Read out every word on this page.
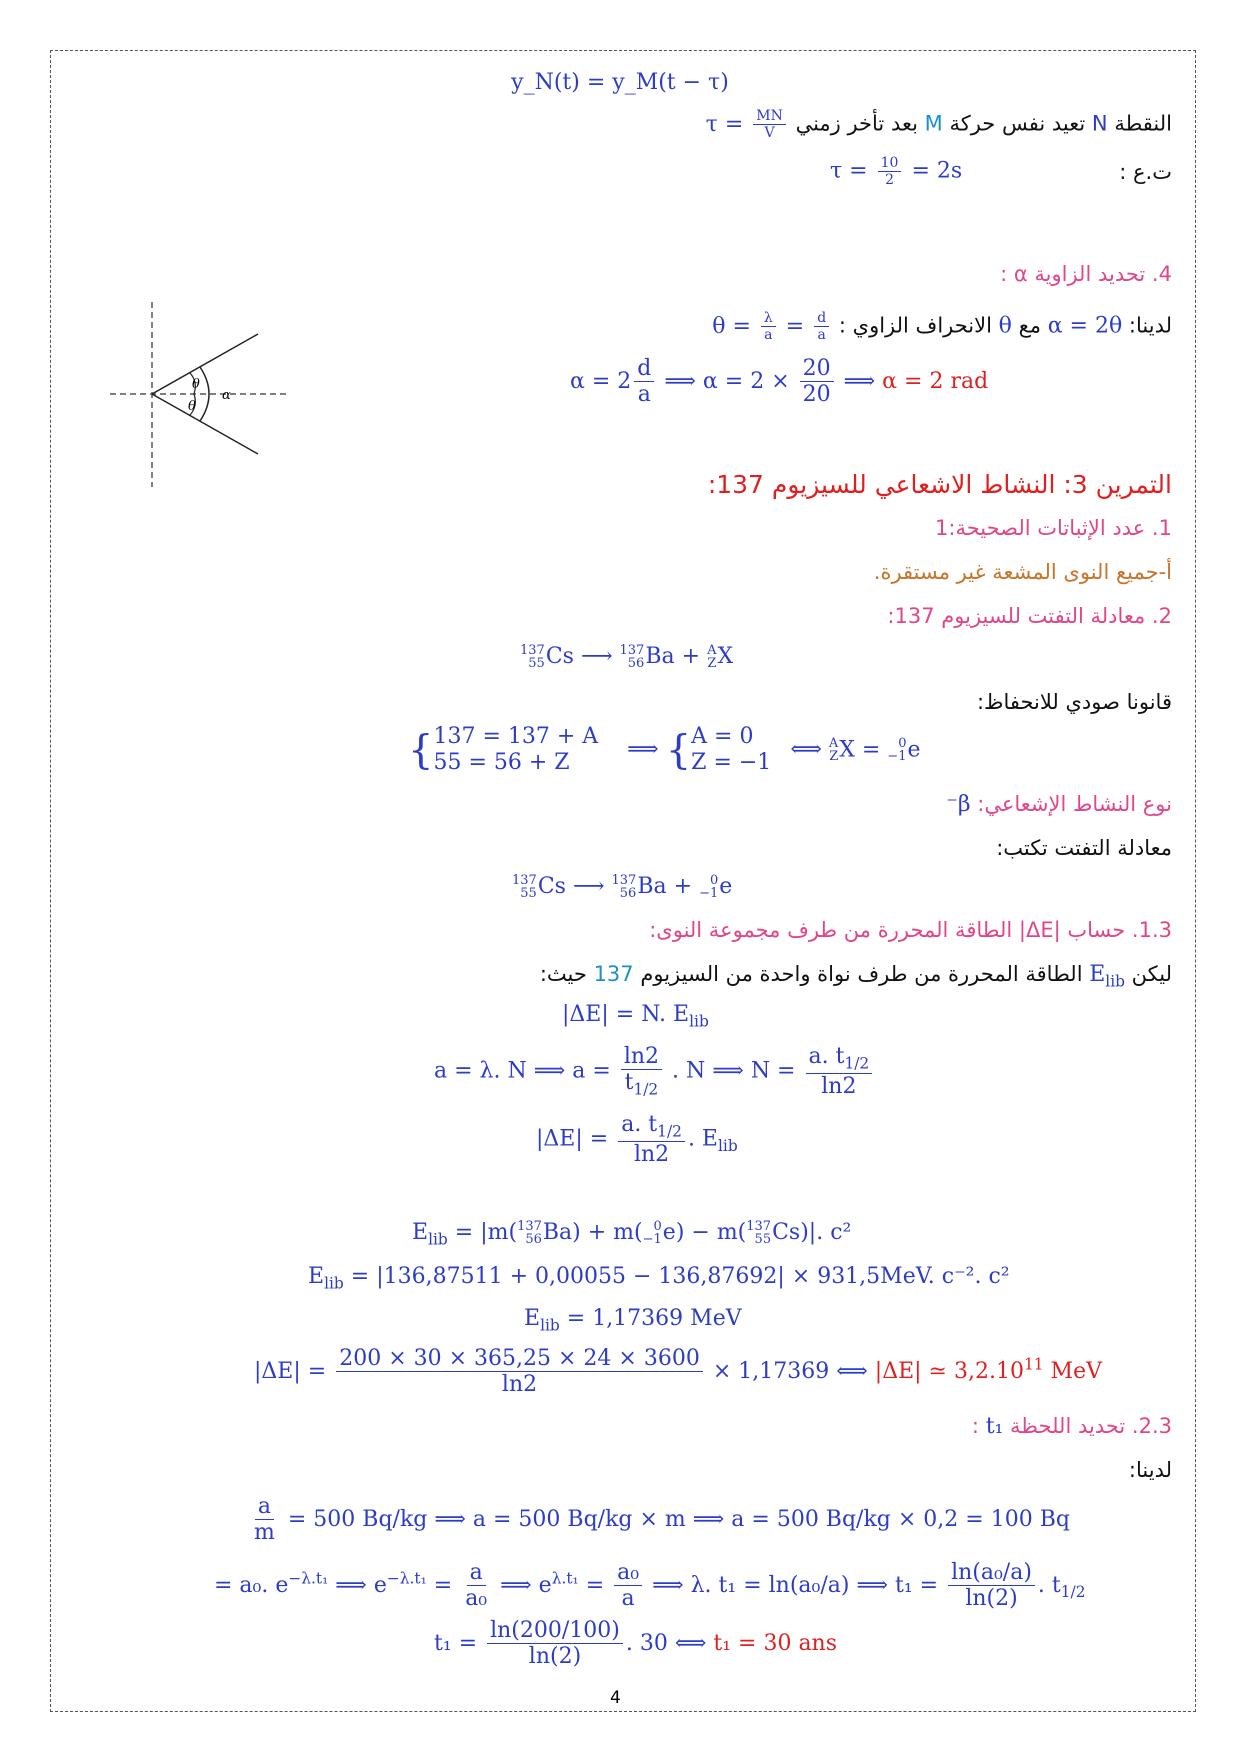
y_N(t) = y_M(t − τ)
النقطة N تعيد نفس حركة M بعد تأخر زمني $\tau = \frac{MN}{V}$
ت.ع :
$\tau = \frac{10}{2} = 2s$
4. تحديد الزاوية α :
لدينا: α = 2θ مع θ الانحراف الزاوي : $\theta = \frac{\lambda}{a} = \frac{d}{a}$
$\alpha = 2 \frac{d}{a}$ ⟹ $\alpha = 2 \times \frac{20}{20}$ ⟹ α = 2 rad
θ
θ
α
التمرين 3: النشاط الاشعاعي للسيزيوم 137:
1. عدد الإثباتات الصحيحة:1
أ-جميع النوى المشعة غير مستقرة.
2. معادلة التفتت للسيزيوم 137:
137
55 Cs ⟶ 137
56 Ba + A
Z X
قانونا صودي للانحفاظ:
{ 137 = 137 + A
55 = 56 + Z
⟹ { A = 0
Z = −1
⟺ A
Z X =	0
−1 e
نوع النشاط الإشعاعي: β⁻
معادلة التفتت تكتب:
137
55 Cs ⟶ 137
56 Ba +	0
−1 e
1.3. حساب |ΔE| الطاقة المحررة من طرف مجموعة النوى:
ليكن $E_{lib}$ الطاقة المحررة من طرف نواة واحدة من السيزيوم 137 حيث:
|ΔE| = N. $E_{lib}$
a = λ. N ⟹ $a = \frac{\ln 2}{t_{1/2}}$ . N ⟹ $N = \frac{a. t_{1/2}}{\ln 2}$
$|\Delta E| = \frac{a. t_{1/2}}{\ln 2}$ . $E_{lib}$
$E_{lib} = |m$( 137
56 Ba) + m( 0
−1 e) − m( 137
55 Cs)|. c²
$E_{lib} = |136,87511 + 0,00055 - 136,87692| \times 931,5MeV$. c⁻². c²
$E_{lib} = 1,17369$ MeV
$|\Delta E| = \frac{200 \times 30 \times 365,25 \times 24 \times 3600}{\ln 2} \times 1,17369$ ⟺ |ΔE| ≃ 3,2.10$^{11}$ MeV
2.3. تحديد اللحظة t₁ :
لدينا:
$\frac{a}{m} = 500$ Bq/kg ⟹ a = 500 Bq/kg × m ⟹ a = 500 Bq/kg × 0,2 = 100 Bq
= a₀. $e^{-\lambda.t_1}$ ⟹ $e^{-\lambda.t_1} = \frac{a}{\text{a₀}}$ ⟹ $e^{\lambda.t_1} = \frac{\text{a₀}}{a}$ ⟹ λ. t₁ = ln(a₀/a) ⟹ $t_1 = \frac{\text{ln(a₀/a)}}{\ln(2)}$ . $t_{1/2}$
$t_1 = \frac{\ln(200/100)}{\ln(2)}$ . 30 ⟺ t₁ = 30 ans
4
